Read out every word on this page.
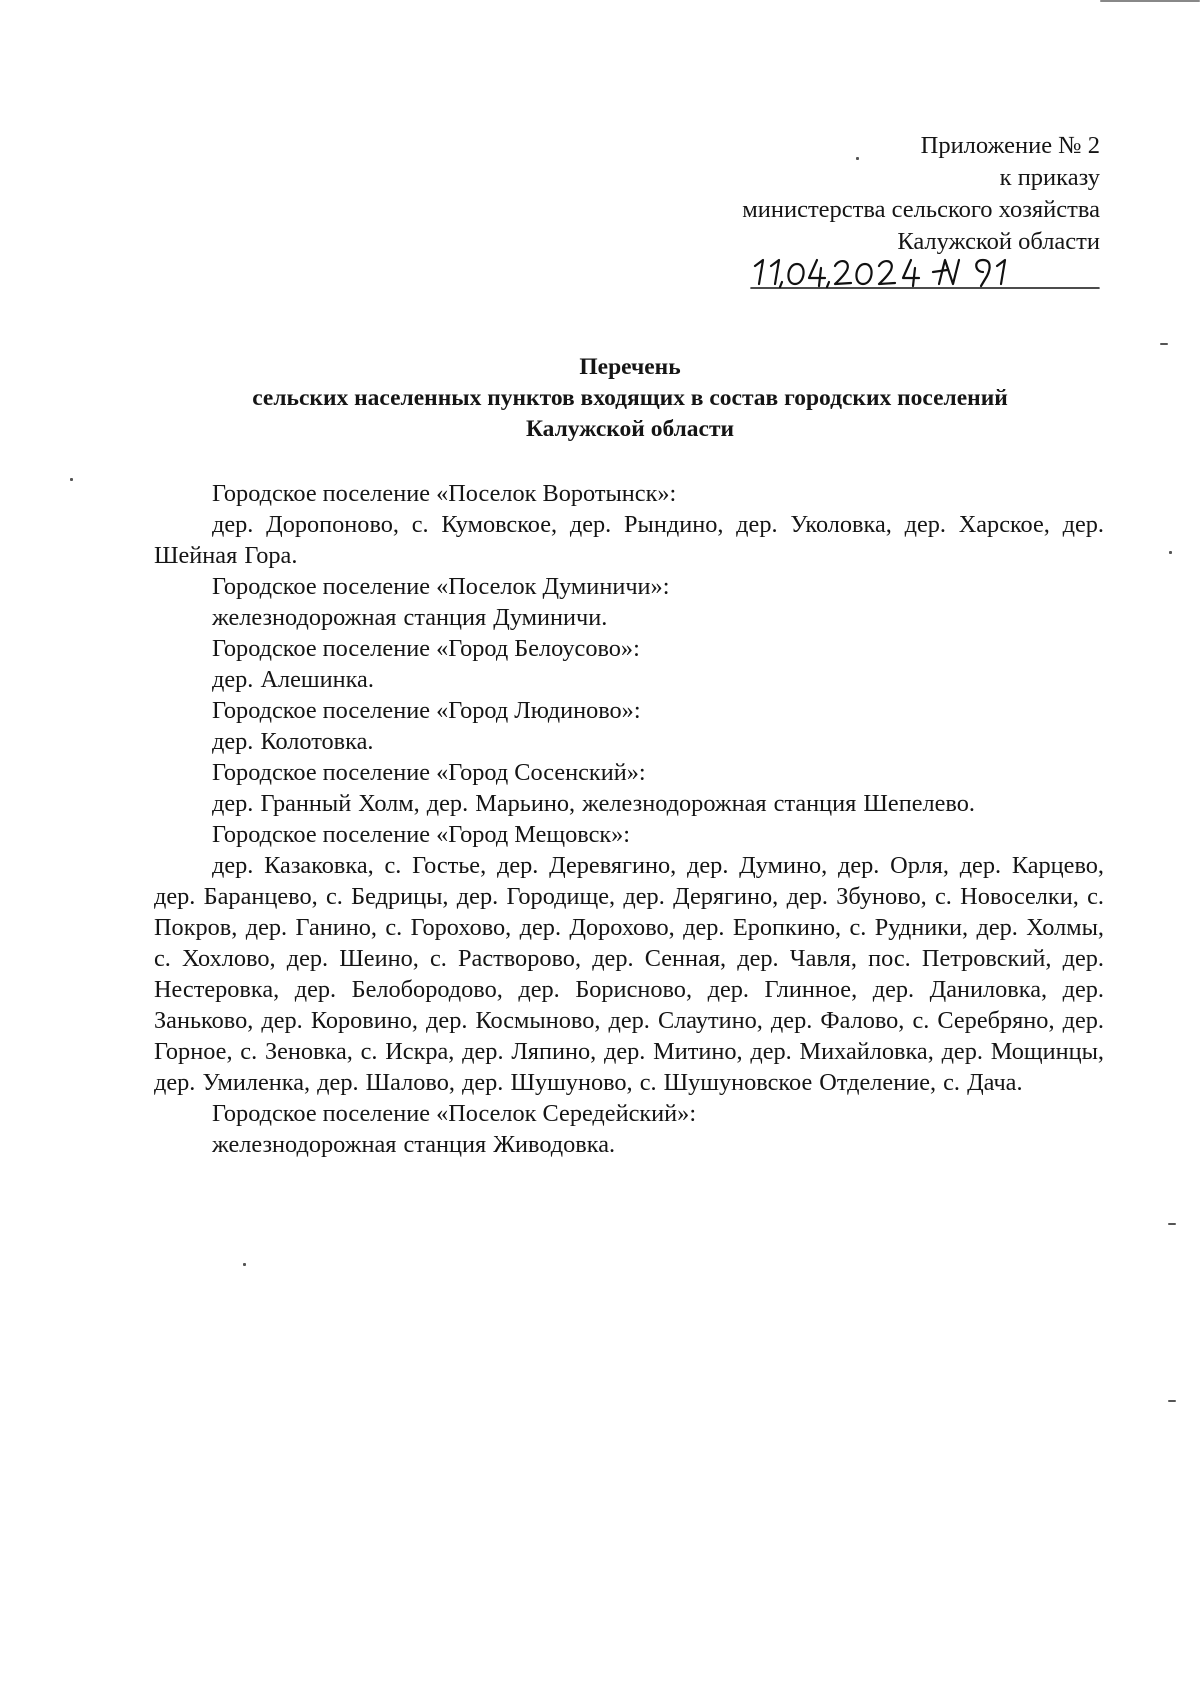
Приложение № 2
к приказу
министерства сельского хозяйства
Калужской области
Перечень
сельских населенных пунктов входящих в состав городских поселений
Калужской области

Городское поселение «Поселок Воротынск»:

дер. Доропоново, с. Кумовское, дер. Рындино, дер. Уколовка, дер. Харское, дер. Шейная Гора.

Городское поселение «Поселок Думиничи»:

железнодорожная станция Думиничи.

Городское поселение «Город Белоусово»:

дер. Алешинка.

Городское поселение «Город Людиново»:

дер. Колотовка.

Городское поселение «Город Сосенский»:

дер. Гранный Холм, дер. Марьино, железнодорожная станция Шепелево.

Городское поселение «Город Мещовск»:

дер. Казаковка, с. Гостье, дер. Деревягино, дер. Думино, дер. Орля, дер. Карцево, дер. Баранцево, с. Бедрицы, дер. Городище, дер. Дерягино, дер. Збуново, с. Новоселки, с. Покров, дер. Ганино, с. Горохово, дер. Дорохово, дер. Еропкино, с. Рудники, дер. Холмы, с. Хохлово, дер. Шеино, с. Растворово, дер. Сенная, дер. Чавля, пос. Петровский, дер. Нестеровка, дер. Белобородово, дер. Борисново, дер. Глинное, дер. Даниловка, дер. Заньково, дер. Коровино, дер. Космыново, дер. Слаутино, дер. Фалово, с. Серебряно, дер. Горное, с. Зеновка, с. Искра, дер. Ляпино, дер. Митино, дер. Михайловка, дер. Мощинцы, дер. Умиленка, дер. Шалово, дер. Шушуново, с. Шушуновское Отделение, с. Дача.

Городское поселение «Поселок Середейский»:

железнодорожная станция Живодовка.
